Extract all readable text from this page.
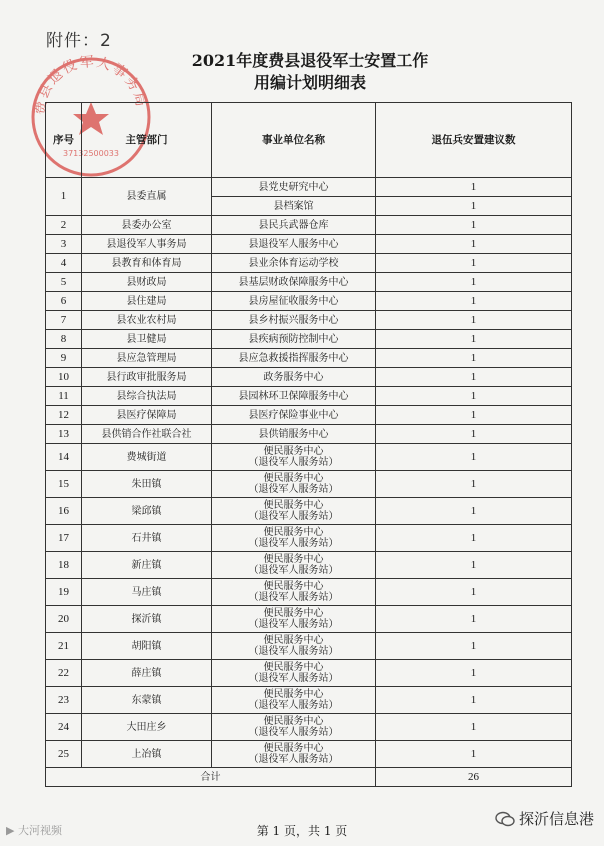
附件：2
费县退役军人事务局
37132500033
2021年度费县退役军士安置工作
用编计划明细表
序号	主管部门	事业单位名称	退伍兵安置建议数

1	县委直属	县党史研究中心	1
		县档案馆	1
2	县委办公室	县民兵武器仓库	1
3	县退役军人事务局	县退役军人服务中心	1
4	县教育和体育局	县业余体育运动学校	1
5	县财政局	县基层财政保障服务中心	1
6	县住建局	县房屋征收服务中心	1
7	县农业农村局	县乡村振兴服务中心	1
8	县卫健局	县疾病预防控制中心	1
9	县应急管理局	县应急救援指挥服务中心	1
10	县行政审批服务局	政务服务中心	1
11	县综合执法局	县园林环卫保障服务中心	1
12	县医疗保障局	县医疗保险事业中心	1
13	县供销合作社联合社	县供销服务中心	1
14	费城街道	便民服务中心
（退役军人服务站）	1
15	朱田镇	便民服务中心
（退役军人服务站）	1
16	梁邱镇	便民服务中心
（退役军人服务站）	1
17	石井镇	便民服务中心
（退役军人服务站）	1
18	新庄镇	便民服务中心
（退役军人服务站）	1
19	马庄镇	便民服务中心
（退役军人服务站）	1
20	探沂镇	便民服务中心
（退役军人服务站）	1
21	胡阳镇	便民服务中心
（退役军人服务站）	1
22	薛庄镇	便民服务中心
（退役军人服务站）	1
23	东蒙镇	便民服务中心
（退役军人服务站）	1
24	大田庄乡	便民服务中心
（退役军人服务站）	1
25	上冶镇	便民服务中心
（退役军人服务站）	1
合计			26
第 1 页，共 1 页
▶ 大河视频
探沂信息港
